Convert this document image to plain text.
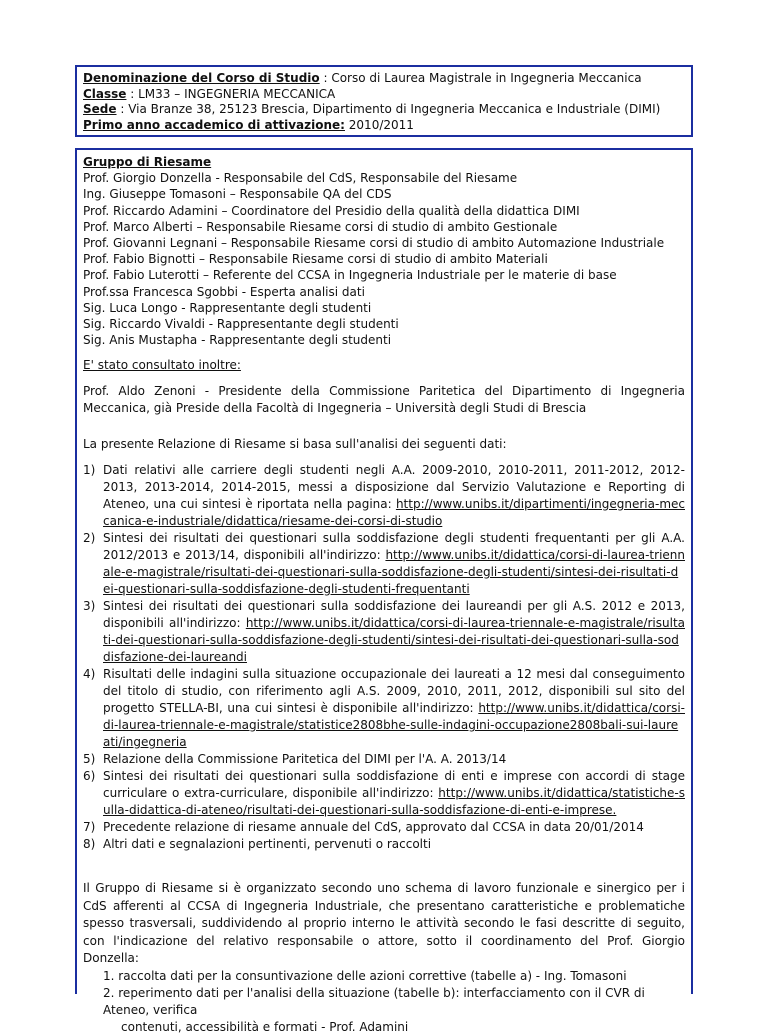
Denominazione del Corso di Studio : Corso di Laurea Magistrale in Ingegneria Meccanica

Classe : LM33 – INGEGNERIA MECCANICA

Sede : Via Branze 38, 25123 Brescia, Dipartimento di Ingegneria Meccanica e Industriale (DIMI)

Primo anno accademico di attivazione: 2010/2011

Gruppo di Riesame

Prof. Giorgio Donzella - Responsabile del CdS, Responsabile del Riesame

Ing. Giuseppe Tomasoni – Responsabile QA del CDS

Prof. Riccardo Adamini – Coordinatore del Presidio della qualità della didattica DIMI

Prof. Marco Alberti – Responsabile Riesame corsi di studio di ambito Gestionale

Prof. Giovanni Legnani – Responsabile Riesame corsi di studio di ambito Automazione Industriale

Prof. Fabio Bignotti – Responsabile Riesame corsi di studio di ambito Materiali

Prof. Fabio Luterotti – Referente del CCSA in Ingegneria Industriale per le materie di base

Prof.ssa Francesca Sgobbi - Esperta analisi dati

Sig. Luca Longo - Rappresentante degli studenti

Sig. Riccardo Vivaldi - Rappresentante degli studenti

Sig. Anis Mustapha - Rappresentante degli studenti

E' stato consultato inoltre:

Prof. Aldo Zenoni - Presidente della Commissione Paritetica del Dipartimento di Ingegneria Meccanica, già Preside della Facoltà di Ingegneria – Università degli Studi di Brescia

La presente Relazione di Riesame si basa sull'analisi dei seguenti dati:

1) Dati relativi alle carriere degli studenti negli A.A. 2009-2010, 2010-2011, 2011-2012, 2012-2013, 2013-2014, 2014-2015, messi a disposizione dal Servizio Valutazione e Reporting di Ateneo, una cui sintesi è riportata nella pagina: http://www.unibs.it/dipartimenti/ingegneria-meccanica-e-industriale/didattica/riesame-dei-corsi-di-studio
2) Sintesi dei risultati dei questionari sulla soddisfazione degli studenti frequentanti per gli A.A. 2012/2013 e 2013/14, disponibili all'indirizzo: http://www.unibs.it/didattica/corsi-di-laurea-triennale-e-magistrale/risultati-dei-questionari-sulla-soddisfazione-degli-studenti/sintesi-dei-risultati-dei-questionari-sulla-soddisfazione-degli-studenti-frequentanti
3) Sintesi dei risultati dei questionari sulla soddisfazione dei laureandi per gli A.S. 2012 e 2013, disponibili all'indirizzo: http://www.unibs.it/didattica/corsi-di-laurea-triennale-e-magistrale/risultati-dei-questionari-sulla-soddisfazione-degli-studenti/sintesi-dei-risultati-dei-questionari-sulla-soddisfazione-dei-laureandi
4) Risultati delle indagini sulla situazione occupazionale dei laureati a 12 mesi dal conseguimento del titolo di studio, con riferimento agli A.S. 2009, 2010, 2011, 2012, disponibili sul sito del progetto STELLA-BI, una cui sintesi è disponibile all'indirizzo: http://www.unibs.it/didattica/corsi-di-laurea-triennale-e-magistrale/statistice2808bhe-sulle-indagini-occupazione2808bali-sui-laureati/ingegneria
5) Relazione della Commissione Paritetica del DIMI per l'A. A. 2013/14
6) Sintesi dei risultati dei questionari sulla soddisfazione di enti e imprese con accordi di stage curriculare o extra-curriculare, disponibile all'indirizzo: http://www.unibs.it/didattica/statistiche-sulla-didattica-di-ateneo/risultati-dei-questionari-sulla-soddisfazione-di-enti-e-imprese.
7) Precedente relazione di riesame annuale del CdS, approvato dal CCSA in data 20/01/2014
8) Altri dati e segnalazioni pertinenti, pervenuti o raccolti

Il Gruppo di Riesame si è organizzato secondo uno schema di lavoro funzionale e sinergico per i CdS afferenti al CCSA di Ingegneria Industriale, che presentano caratteristiche e problematiche spesso trasversali, suddividendo al proprio interno le attività secondo le fasi descritte di seguito, con l'indicazione del relativo responsabile o attore, sotto il coordinamento del Prof. Giorgio Donzella:

1. raccolta dati per la consuntivazione delle azioni correttive (tabelle a) - Ing. Tomasoni

2. reperimento dati per l'analisi della situazione (tabelle b): interfacciamento con il CVR di Ateneo, verifica
contenuti, accessibilità e formati - Prof. Adamini
